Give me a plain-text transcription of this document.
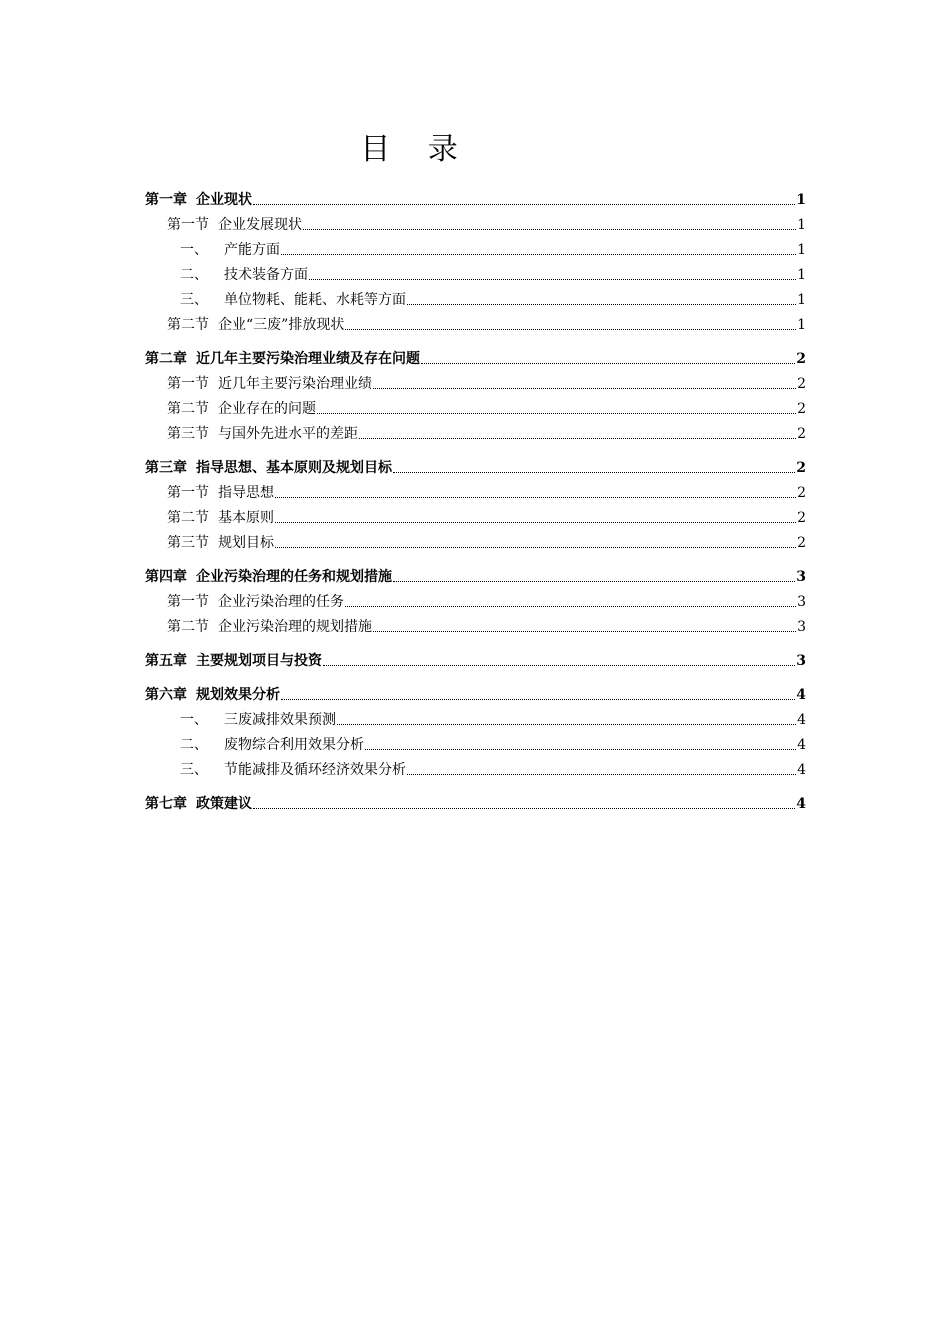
目 录
第一章 企业现状	1
第一节 企业发展现状	1
一、	产能方面	1
二、	技术装备方面	1
三、	单位物耗、能耗、水耗等方面	1
第二节 企业“三废”排放现状	1
第二章 近几年主要污染治理业绩及存在问题	2
第一节 近几年主要污染治理业绩	2
第二节 企业存在的问题	2
第三节 与国外先进水平的差距	2
第三章 指导思想、基本原则及规划目标	2
第一节 指导思想	2
第二节 基本原则	2
第三节 规划目标	2
第四章 企业污染治理的任务和规划措施	3
第一节 企业污染治理的任务	3
第二节 企业污染治理的规划措施	3
第五章 主要规划项目与投资	3
第六章 规划效果分析	4
一、	三废减排效果预测	4
二、	废物综合利用效果分析	4
三、	节能减排及循环经济效果分析	4
第七章 政策建议	4
